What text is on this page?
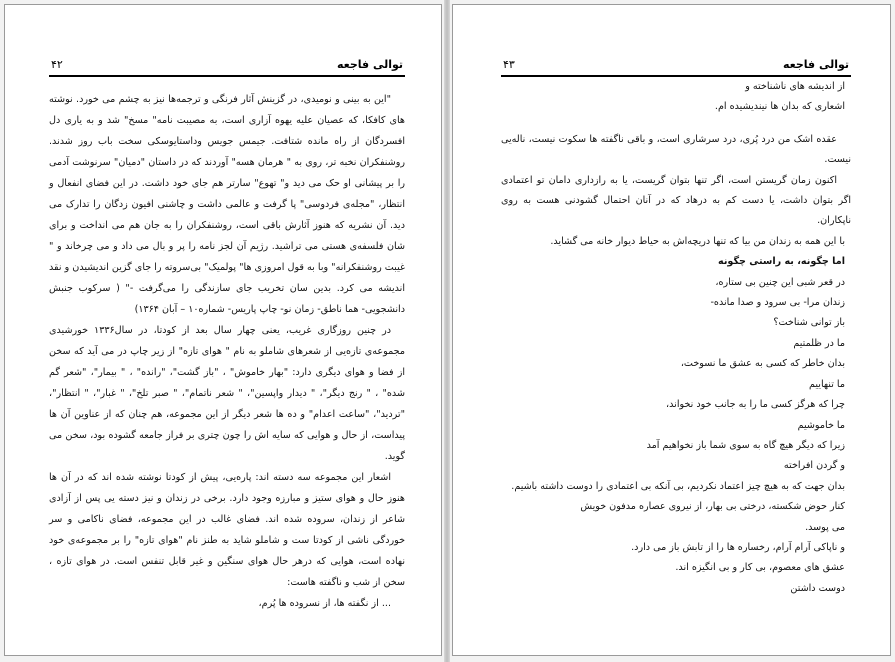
توالی فاجعه
۴۲

"این به بینی و نومیدی، در گزینش آثار فرنگی و ترجمه‌ها نیز به چشم می خورد. نوشته های کافکا، که عصیان علیه یهوه آزاری است، به مصیبت نامه" مسخ" شد و به یاری دل افسردگان از راه مانده شتافت. جیمس جویس وداستایوسکی سخت باب روز شدند. روشنفکران نخبه تر، روی به " هرمان هسه" آوردند که در داستان "دمیان" سرنوشت آدمی را بر پیشانی او حک می دید و" تهوع" سارتر هم جای خود داشت. در این فضای انفعال و انتظار، "مجله‌ی فردوسی" پا گرفت و عالمی داشت و چاشنی افیون زدگان را تدارک می دید. آن نشریه که هنوز آثارش باقی است، روشنفکران را به جان هم می انداخت و برای شان فلسفه‌ی هستی می تراشید. رژیم آن لجز نامه را پر و بال می داد و می چرخاند و " غیبت روشنفکرانه" وبا به قول امروزی ها" پولمیک" بی‌سروته را جای گزین اندیشیدن و نقد اندیشه می کرد. بدین سان تخریب جای سازندگی را می‌گرفت -" ( سرکوب جنبش دانشجویی- هما ناطق- زمان نو- چاپ پاریس- شماره۱۰ – آبان ۱۳۶۴)

در چنین روزگاری غریب، یعنی چهار سال بعد از کودتا، در سال۱۳۳۶ خورشیدی مجموعه‌ی تازه‌یی از شعرهای شاملو به نام " هوای تازه" از زیر چاپ در می آید که سخن از فضا و هوای دیگری دارد: "بهار خاموش" ، "باز گشت"، "رانده" ، " بیمار"، "شعر گم شده" ، " رنج دیگر"، " دیدار واپسین"، " شعر ناتمام"، " صبر تلخ"، " غبار"، " انتظار"، "تردید"، "ساعت اعدام" و ده ها شعر دیگر از این مجموعه، هم چنان که از عناوین آن ها پیداست، از حال و هوایی که سایه اش را چون چتری بر فراز جامعه گشوده بود، سخن می گوید.

اشعار این مجموعه سه دسته اند: پاره‌یی، پیش از کودتا نوشته شده اند که در آن ها هنوز حال و هوای ستیز و مبارزه وجود دارد. برخی در زندان و نیز دسته یی پس از آزادی شاعر از زندان، سروده شده اند. فضای غالب در این مجموعه، فضای ناکامی و سر خوردگی ناشی از کودتا ست و شاملو شاید به طنز نام "هوای تازه" را بر مجموعه‌ی خود نهاده است، هوایی که درهر حال هوای سنگین و غیر قابل تنفس است. در هوای تازه ، سخن از شب و ناگفته هاست:

... از نگفته ها، از نسروده ها پُرم،

توالی فاجعه
۴۳

از اندیشه های ناشناخته و

اشعاری که بدان ها نیندیشیده ام.

عقده اشک من درد پُری، درد سرشاری است، و باقی ناگفته ها سکوت نیست، ناله‌یی نیست.

اکنون زمان گریستن است، اگر تنها بتوان گریست، یا به رازداری دامان تو اعتمادی اگر بتوان داشت، یا دست کم به درهاد که در آنان احتمال گشودنی هست به روی ناپکاران.

با این همه به زندان من بیا که تنها دریچه‌اش به حیاط دیوار خانه می گشاید.

اما چگونه، به راستی چگونه

در قعر شبی این چنین بی ستاره،

زندان مرا- بی سرود و صدا مانده-

باز توانی شناخت؟

ما در ظلمتیم

بدان خاطر که کسی به عشق ما نسوخت،

ما تنهاییم

چرا که هرگز کسی ما را به جانب خود نخواند،

ما خاموشیم

زیرا که دیگر هیچ گاه به سوی شما باز نخواهیم آمد

و گردن افراخته

بدان جهت که به هیچ چیز اعتماد نکردیم، بی آنکه بی اعتمادی را دوست داشته باشیم.

کنار حوض شکسته، درختی بی بهار، از نیروی عصاره مدفون خویش

می پوسد.

و ناپاکی آرام آرام، رخساره ها را از تابش باز می دارد.

عشق های معصوم، بی کار و بی انگیزه اند.

دوست داشتن
